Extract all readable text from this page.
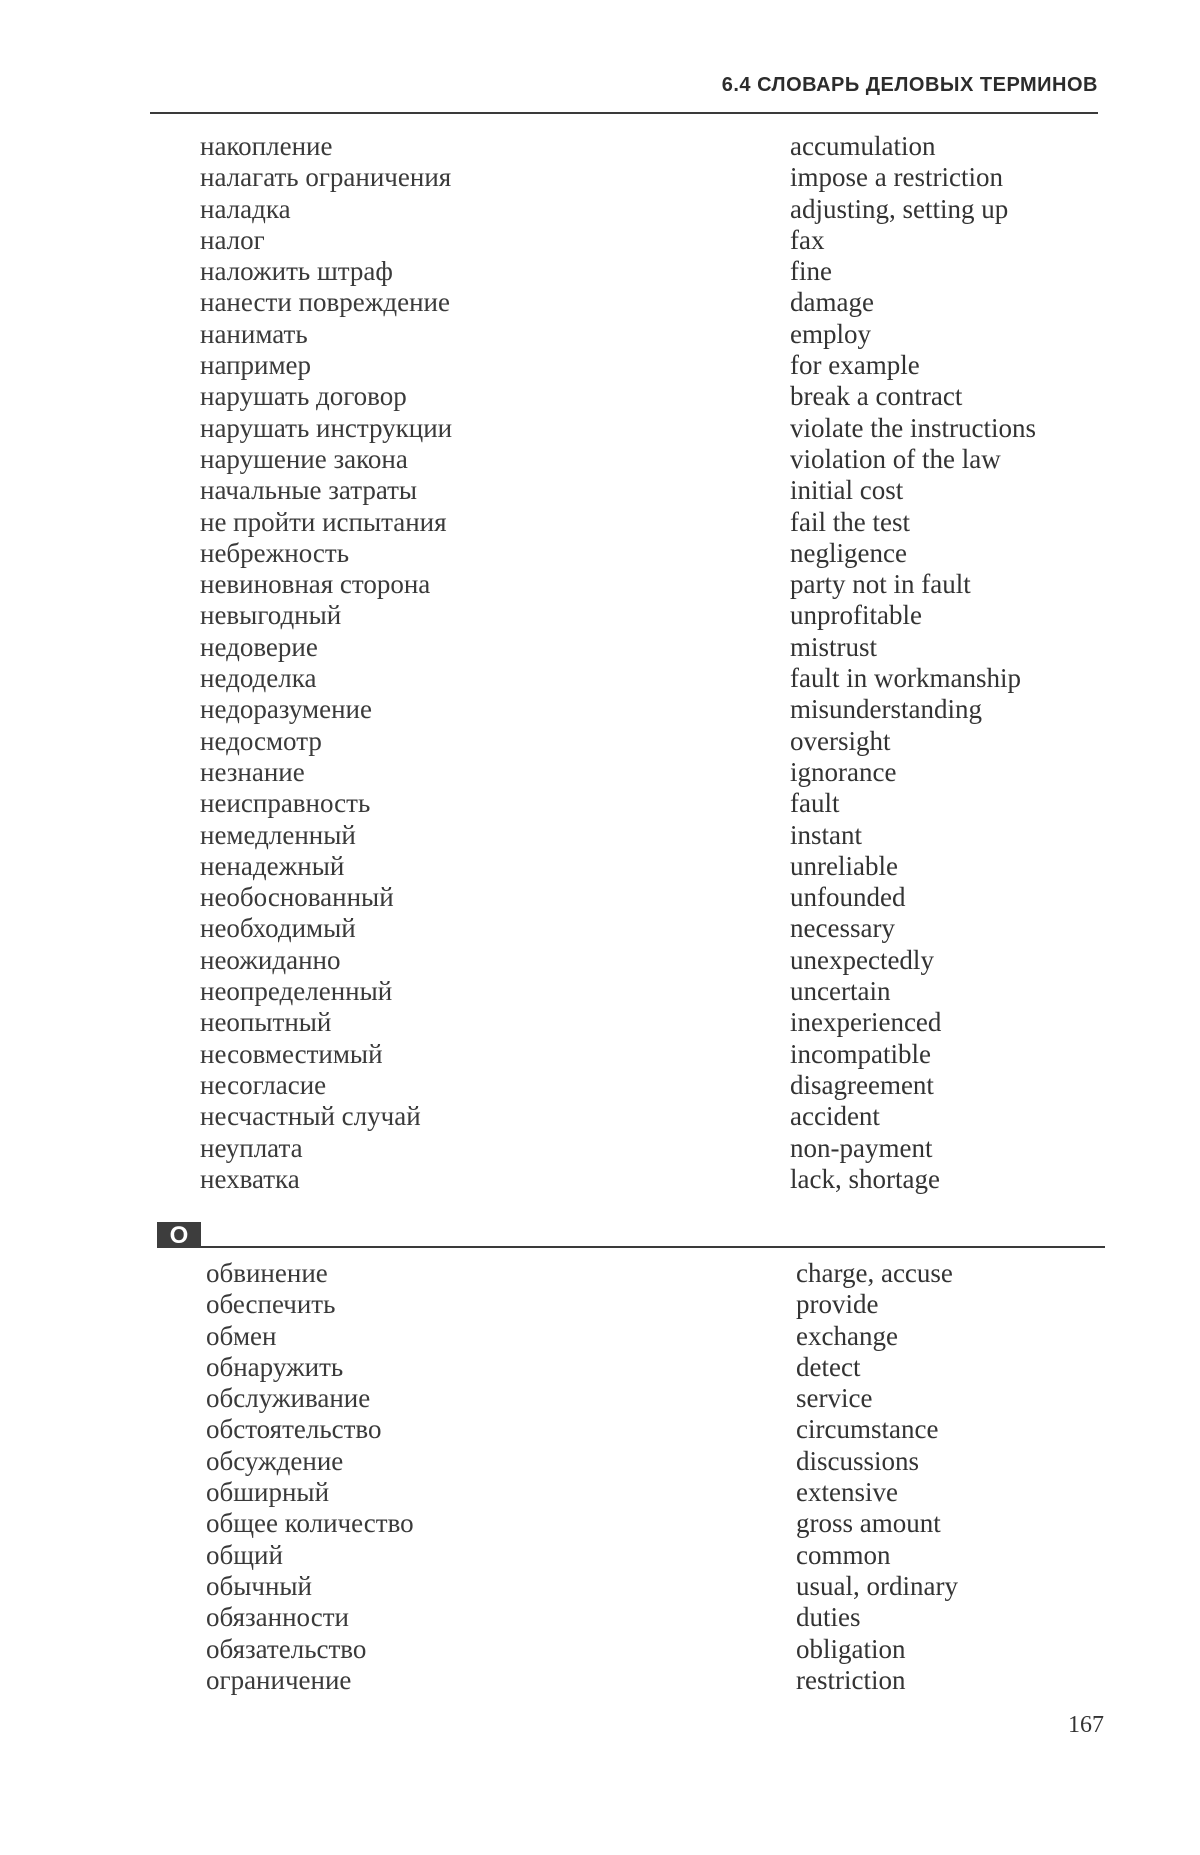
6.4 СЛОВАРЬ ДЕЛОВЫХ ТЕРМИНОВ
накопление	accumulation
налагать ограничения	impose a restriction
наладка	adjusting, setting up
налог	fax
наложить штраф	fine
нанести повреждение	damage
нанимать	employ
например	for example
нарушать договор	break a contract
нарушать инструкции	violate the instructions
нарушение закона	violation of the law
начальные затраты	initial cost
не пройти испытания	fail the test
небрежность	negligence
невиновная сторона	party not in fault
невыгодный	unprofitable
недоверие	mistrust
недоделка	fault in workmanship
недоразумение	misunderstanding
недосмотр	oversight
незнание	ignorance
неисправность	fault
немедленный	instant
ненадежный	unreliable
необоснованный	unfounded
необходимый	necessary
неожиданно	unexpectedly
неопределенный	uncertain
неопытный	inexperienced
несовместимый	incompatible
несогласие	disagreement
несчастный случай	accident
неуплата	non-payment
нехватка	lack, shortage
O
обвинение	charge, accuse
обеспечить	provide
обмен	exchange
обнаружить	detect
обслуживание	service
обстоятельство	circumstance
обсуждение	discussions
обширный	extensive
общее количество	gross amount
общий	common
обычный	usual, ordinary
обязанности	duties
обязательство	obligation
ограничение	restriction
167
